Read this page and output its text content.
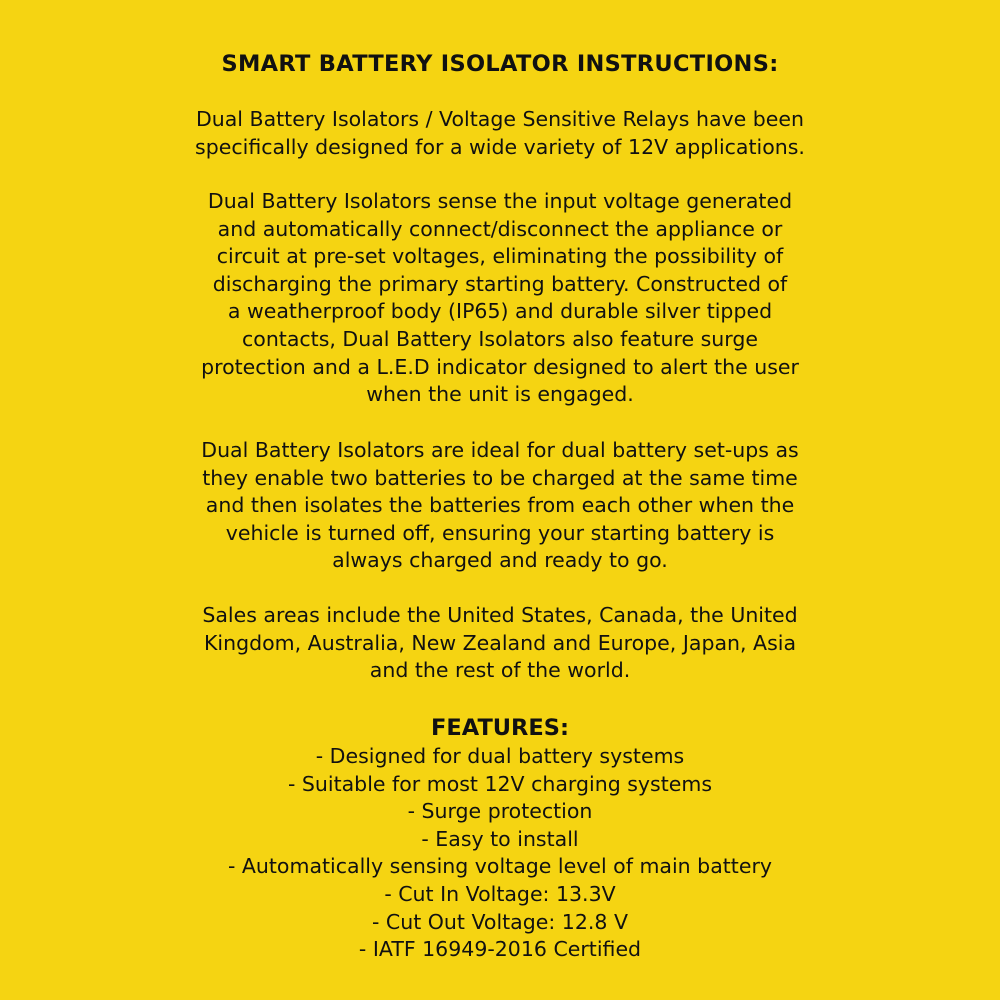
SMART BATTERY ISOLATOR INSTRUCTIONS:

Dual Battery Isolators / Voltage Sensitive Relays have been
specifically designed for a wide variety of 12V applications.

Dual Battery Isolators sense the input voltage generated
and automatically connect/disconnect the appliance or
circuit at pre-set voltages, eliminating the possibility of
discharging the primary starting battery. Constructed of
a weatherproof body (IP65) and durable silver tipped
contacts, Dual Battery Isolators also feature surge
protection and a L.E.D indicator designed to alert the user
when the unit is engaged.

Dual Battery Isolators are ideal for dual battery set-ups as
they enable two batteries to be charged at the same time
and then isolates the batteries from each other when the
vehicle is turned off, ensuring your starting battery is
always charged and ready to go.

Sales areas include the United States, Canada, the United
Kingdom, Australia, New Zealand and Europe, Japan, Asia
and the rest of the world.

FEATURES:
- Designed for dual battery systems
- Suitable for most 12V charging systems
- Surge protection
- Easy to install
- Automatically sensing voltage level of main battery
- Cut In Voltage: 13.3V
- Cut Out Voltage: 12.8 V
- IATF 16949-2016 Certified
